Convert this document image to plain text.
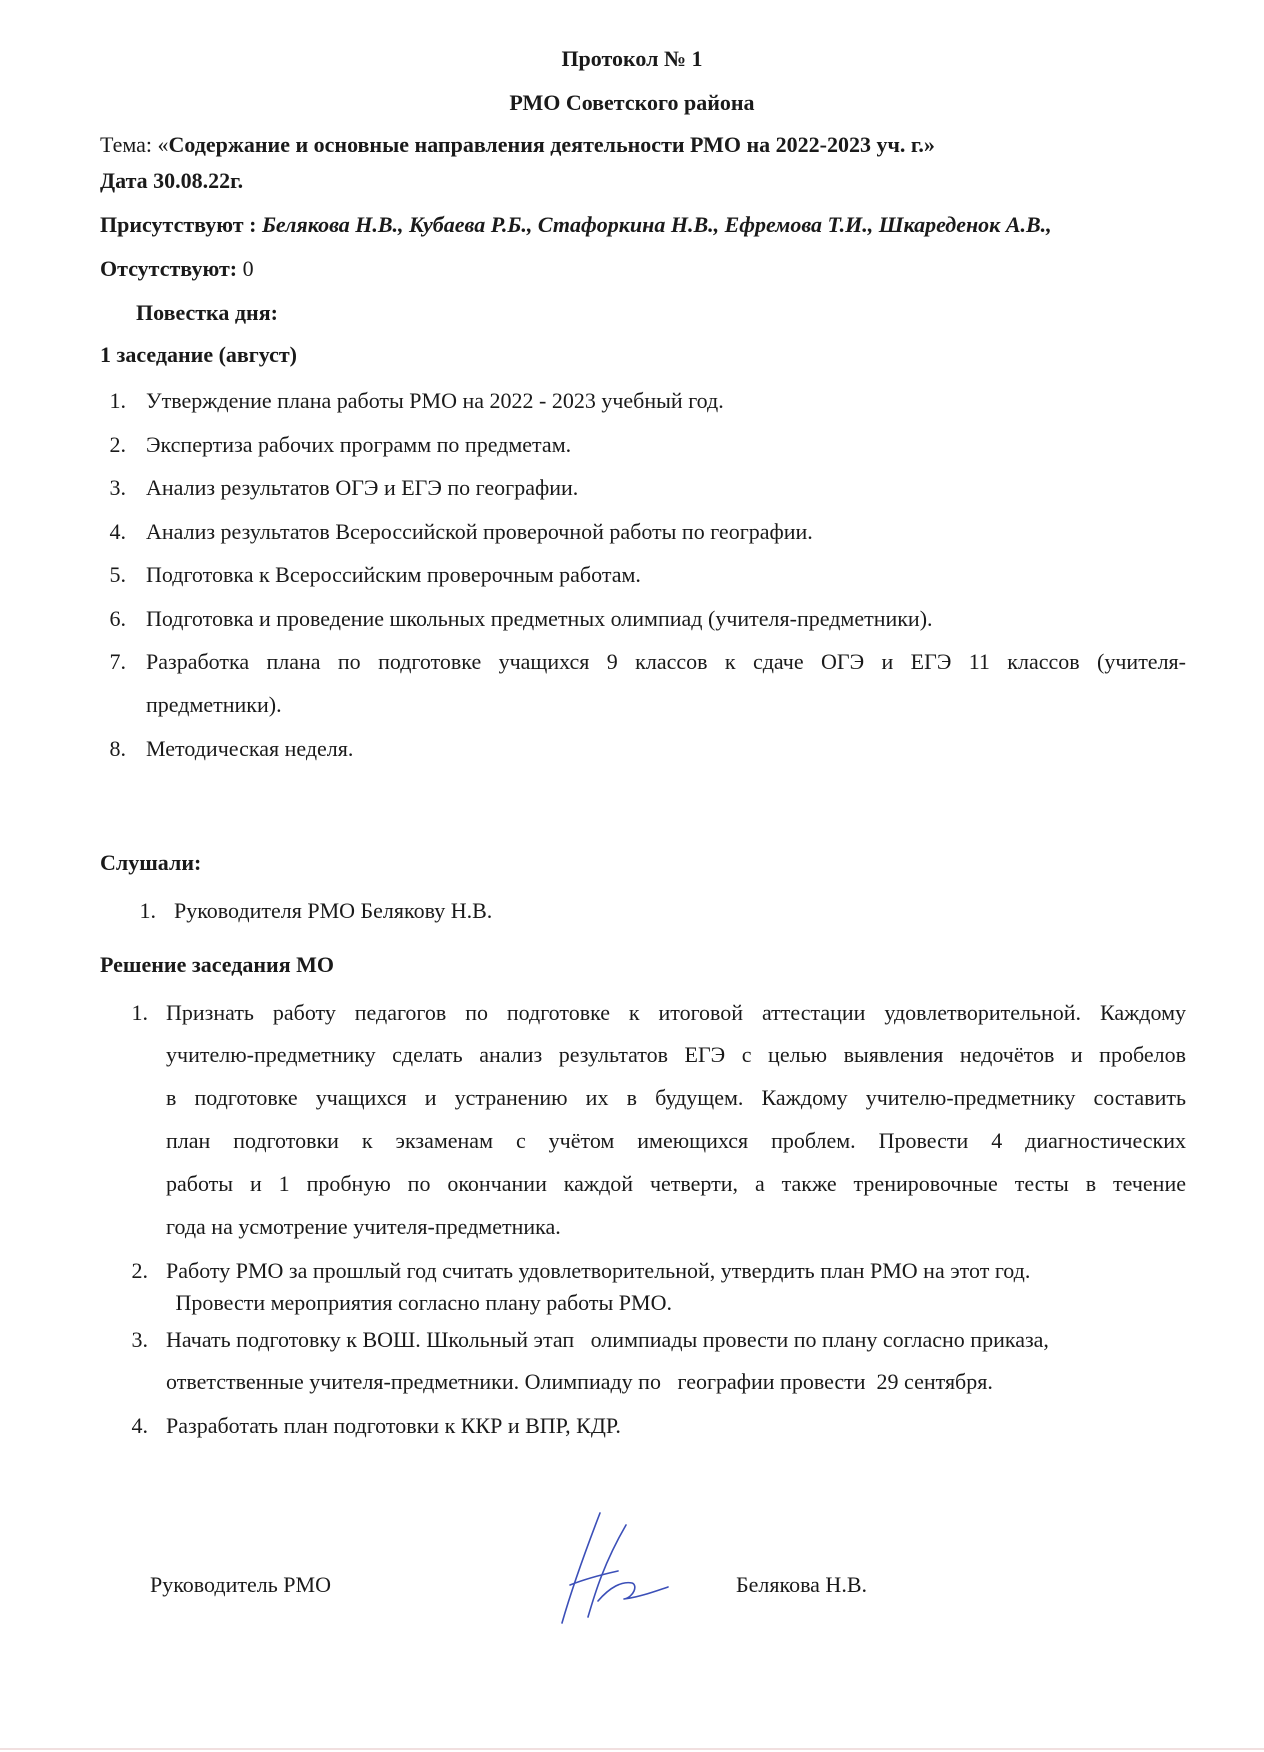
Протокол № 1
РМО Советского района
Тема: «Содержание и основные направления деятельности РМО на 2022-2023 уч. г.»
Дата 30.08.22г.
Присутствуют : Белякова Н.В., Кубаева Р.Б., Стафоркина Н.В., Ефремова Т.И., Шкареденок А.В.,
Отсутствуют: 0
Повестка дня:
1 заседание (август)
1. Утверждение плана работы РМО на 2022 - 2023 учебный год.
2. Экспертиза рабочих программ по предметам.
3. Анализ результатов ОГЭ и ЕГЭ по географии.
4. Анализ результатов Всероссийской проверочной работы по географии.
5. Подготовка к Всероссийским проверочным работам.
6. Подготовка и проведение школьных предметных олимпиад (учителя-предметники).
7. Разработка плана по подготовке учащихся 9 классов к сдаче ОГЭ и ЕГЭ 11 классов (учителя-
предметники).
8. Методическая неделя.
Слушали:
1. Руководителя РМО Белякову Н.В.
Решение заседания МО
1. Признать работу педагогов по подготовке к итоговой аттестации удовлетворительной. Каждому
учителю-предметнику сделать анализ результатов ЕГЭ с целью выявления недочётов и пробелов
в подготовке учащихся и устранению их в будущем. Каждому учителю-предметнику составить
план подготовки к экзаменам с учётом имеющихся проблем. Провести 4 диагностических
работы и 1 пробную по окончании каждой четверти, а также тренировочные тесты в течение
года на усмотрение учителя-предметника.
2. Работу РМО за прошлый год считать удовлетворительной, утвердить план РМО на этот год.
Провести мероприятия согласно плану работы РМО.
3. Начать подготовку к ВОШ. Школьный этап   олимпиады провести по плану согласно приказа,
ответственные учителя-предметники. Олимпиаду по   географии провести  29 сентября.
4. Разработать план подготовки к ККР и ВПР, КДР.
Руководитель РМО	Белякова Н.В.
